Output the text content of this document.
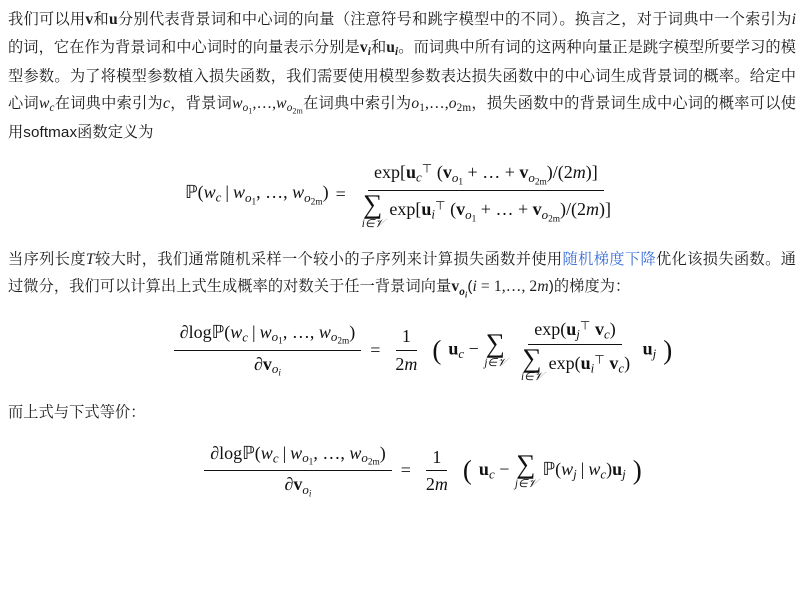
我们可以用v和u分别代表背景词和中心词的向量（注意符号和跳字模型中的不同）。换言之，对于词典中一个索引为i的词，它在作为背景词和中心词时的向量表示分别是$v_i$和$u_i$。而词典中所有词的这两种向量正是跳字模型所要学习的模型参数。为了将模型参数植入损失函数，我们需要使用模型参数表达损失函数中的中心词生成背景词的概率。给定中心词$w_c$在词典中索引为c，背景词$w_{o_1},\dots,w_{o_{2m}}$在词典中索引为$o_1,\dots,o_{2m}$，损失函数中的背景词生成中心词的概率可以使用softmax函数定义为

$ℙ(w_c$ | $w_{o_1}$, …, $w_{o_{2m}}) = \exp[u_c^⊤$ ($v_{o_1}$ + … + $v_{o_{2m}})/(2m)$]
∑
i∈𝒱
$\exp[u_i^⊤$ ($v_{o_1}$ + … + $v_{o_{2m}})/(2m)$]

当序列长度T较大时，我们通常随机采样一个较小的子序列来计算损失函数并使用随机梯度下降优化该损失函数。通过微分，我们可以计算出上式生成概率的对数关于任一背景词向量$v_{o_i}(i$ = 1,…, 2m)的梯度为：

$\frac{\partial\log ℙ(w_c | w_{o_1}, \dots, w_{o_{2m}})}{\partial v_{o_i}} = \frac{1}{2m}$ ( $u_c$ − ∑
j∈𝒱
$\exp(u_j^⊤$ $v_c$)
∑
i∈𝒱
$\exp(u_i^⊤$ $v_c$) $u_j$ )

而上式与下式等价：

$\frac{\partial\log ℙ(w_c | w_{o_1}, \dots, w_{o_{2m}})}{\partial v_{o_i}} = \frac{1}{2m}$ ( $u_c$ − ∑
j∈𝒱
$ℙ(w_j$ | $w_c)u_j$ )
